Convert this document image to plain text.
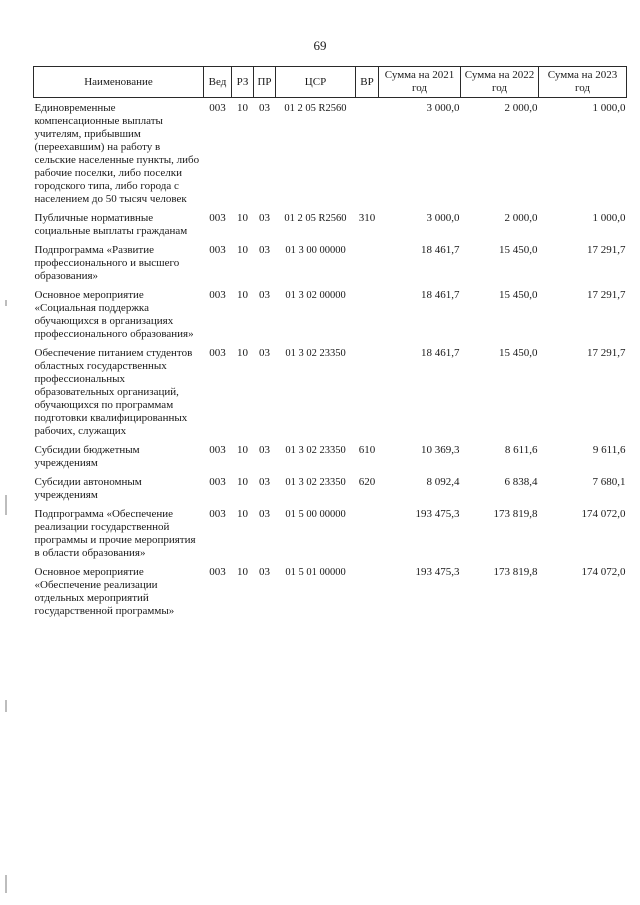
69
Наименование	Вед	РЗ	ПР	ЦСР	ВР	Сумма на 2021 год	Сумма на 2022 год	Сумма на 2023 год
Единовременные компенсационные выплаты учителям, прибывшим (переехавшим) на работу в сельские населенные пункты, либо рабочие поселки, либо поселки городского типа, либо города с населением до 50 тысяч человек	003	10	03	01 2 05 R2560		3 000,0	2 000,0	1 000,0
Публичные нормативные социальные выплаты гражданам	003	10	03	01 2 05 R2560	310	3 000,0	2 000,0	1 000,0
Подпрограмма «Развитие профессионального и высшего образования»	003	10	03	01 3 00 00000		18 461,7	15 450,0	17 291,7
Основное мероприятие «Социальная поддержка обучающихся в организациях профессионального образования»	003	10	03	01 3 02 00000		18 461,7	15 450,0	17 291,7
Обеспечение питанием студентов областных государственных профессиональных образовательных организаций, обучающихся по программам подготовки квалифицированных рабочих, служащих	003	10	03	01 3 02 23350		18 461,7	15 450,0	17 291,7
Субсидии бюджетным учреждениям	003	10	03	01 3 02 23350	610	10 369,3	8 611,6	9 611,6
Субсидии автономным учреждениям	003	10	03	01 3 02 23350	620	8 092,4	6 838,4	7 680,1
Подпрограмма «Обеспечение реализации государственной программы и прочие мероприятия в области образования»	003	10	03	01 5 00 00000		193 475,3	173 819,8	174 072,0
Основное мероприятие «Обеспечение реализации отдельных мероприятий государственной программы»	003	10	03	01 5 01 00000		193 475,3	173 819,8	174 072,0
